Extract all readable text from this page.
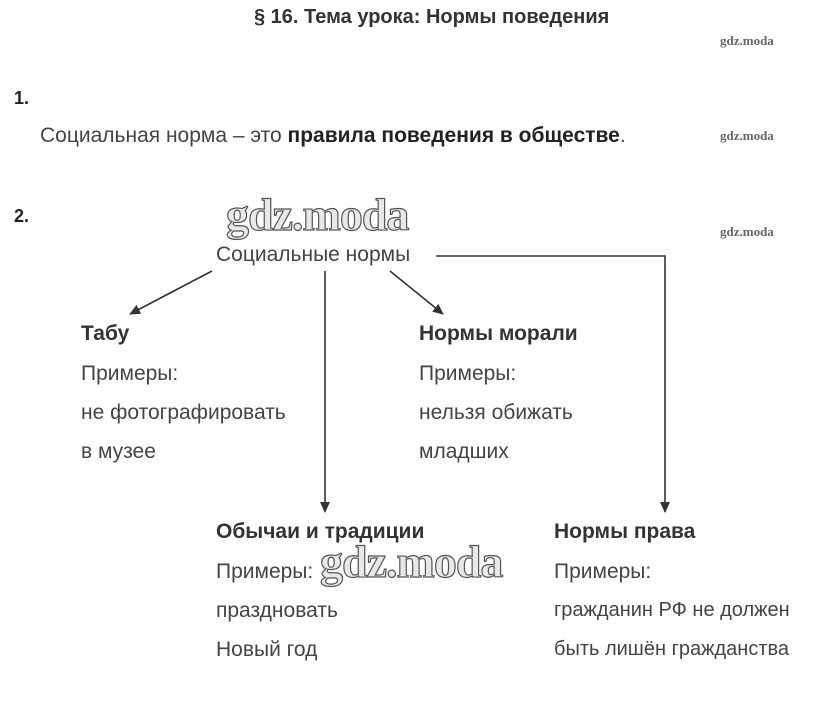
§ 16. Тема урока: Нормы поведения
gdz.moda
gdz.moda
gdz.moda
1.
Социальная норма – это правила поведения в обществе.
2.	gdz.moda
gdz.moda
Социальные нормы
Табу
Примеры:
не фотографировать
в музее
Нормы морали
Примеры:
нельзя обижать
младших
Обычаи и традиции
Примеры:
праздновать
Новый год
Нормы права
Примеры:
гражданин РФ не должен
быть лишён гражданства
